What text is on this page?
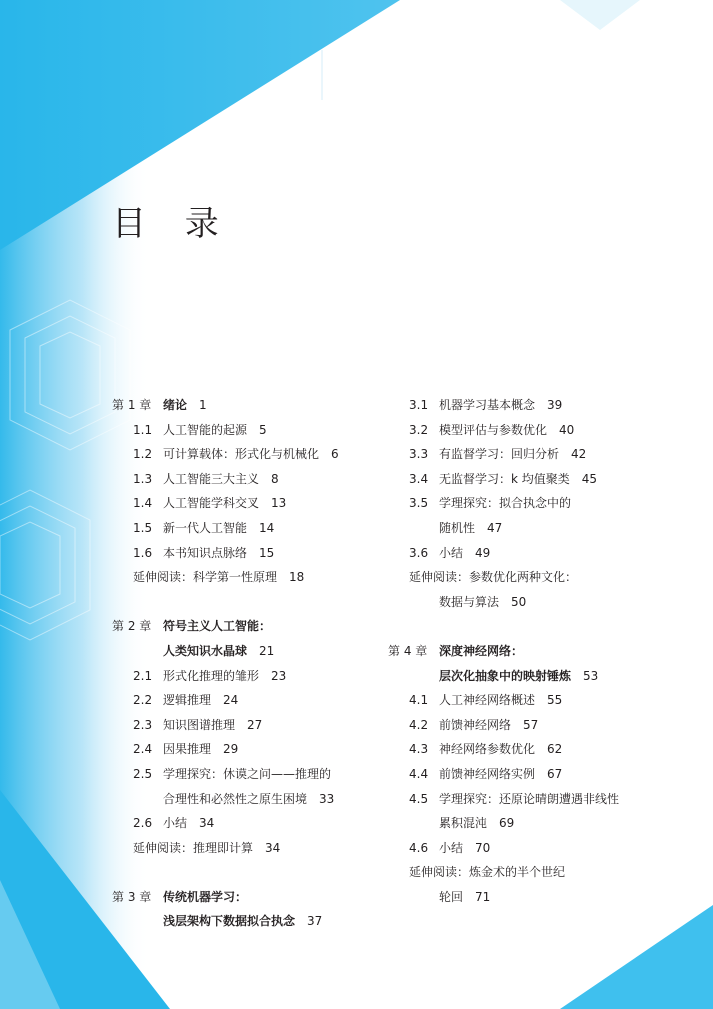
目 录
第 1 章 绪论 1
1.1 人工智能的起源 5
1.2 可计算载体：形式化与机械化 6
1.3 人工智能三大主义 8
1.4 人工智能学科交叉 13
1.5 新一代人工智能 14
1.6 本书知识点脉络 15
延伸阅读：科学第一性原理 18
第 2 章 符号主义人工智能：
人类知识水晶球 21
2.1 形式化推理的雏形 23
2.2 逻辑推理 24
2.3 知识图谱推理 27
2.4 因果推理 29
2.5 学理探究：休谟之问——推理的
合理性和必然性之原生困境 33
2.6 小结 34
延伸阅读：推理即计算 34
第 3 章 传统机器学习：
浅层架构下数据拟合执念 37
3.1 机器学习基本概念 39
3.2 模型评估与参数优化 40
3.3 有监督学习：回归分析 42
3.4 无监督学习：k 均值聚类 45
3.5 学理探究：拟合执念中的
随机性 47
3.6 小结 49
延伸阅读：参数优化两种文化：
数据与算法 50
第 4 章 深度神经网络：
层次化抽象中的映射锤炼 53
4.1 人工神经网络概述 55
4.2 前馈神经网络 57
4.3 神经网络参数优化 62
4.4 前馈神经网络实例 67
4.5 学理探究：还原论晴朗遭遇非线性
累积混沌 69
4.6 小结 70
延伸阅读：炼金术的半个世纪
轮回 71
